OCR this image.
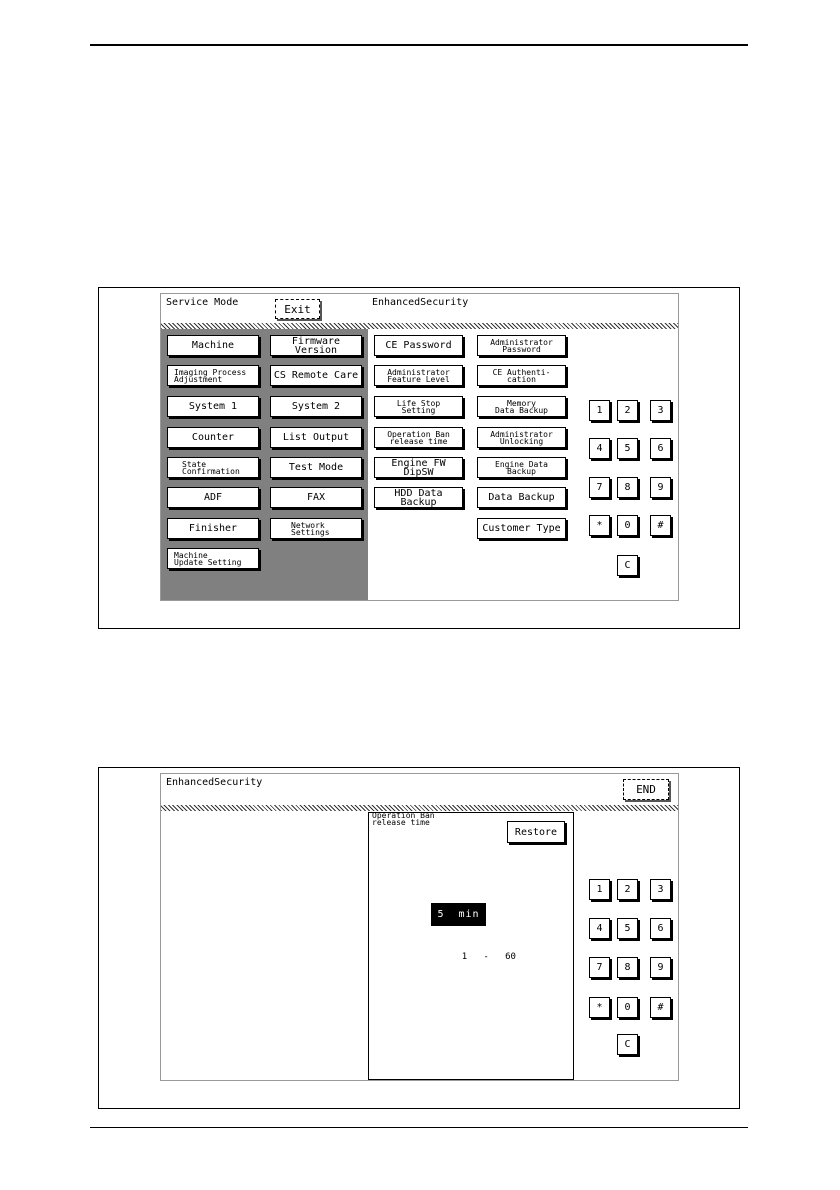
Service Mode	Exit	EnhancedSecurity
Machine	Firmware Version
Imaging Process
Adjustment	CS Remote Care
System 1	System 2
Counter	List Output
State
Confirmation	Test Mode
ADF	FAX
Finisher	Network
Settings
Machine
Update Setting
CE Password	Administrator
Password
Administrator
Feature Level
CE Authenti-
cation
Life Stop
Setting
Memory
Data Backup
Operation Ban
release time
Administrator
Unlocking
Engine FW DipSW
Engine Data
Backup
HDD Data Backup	Data Backup
Customer Type
1	2	3
4	5	6
7	8	9
*	0	#
C
EnhancedSecurity
END
Operation Ban
release time
Restore
5 min

1 - 60

1	2	3
4	5	6
7	8	9
*	0	#
C
